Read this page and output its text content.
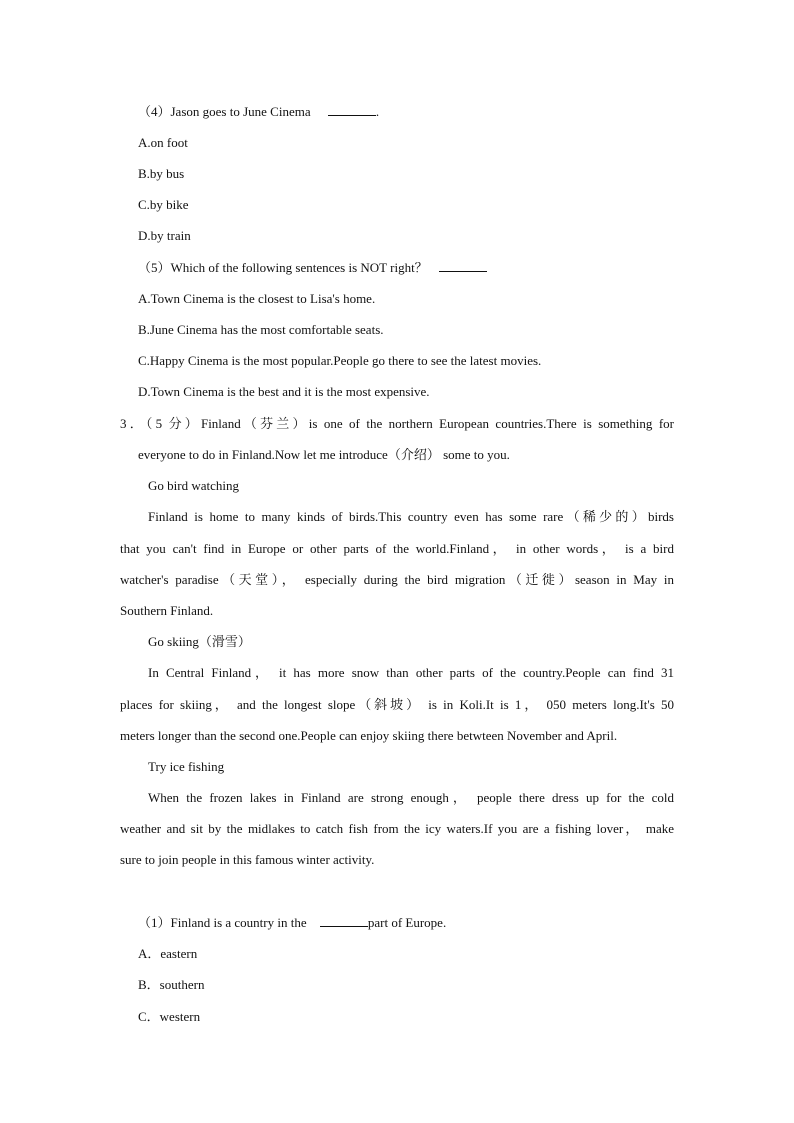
（4）Jason goes to June Cinema	.
A.on foot
B.by bus
C.by bike
D.by train
（5）Which of the following sentences is NOT right？
A.Town Cinema is the closest to Lisa's home.
B.June Cinema has the most comfortable seats.
C.Happy Cinema is the most popular.People go there to see the latest movies.
D.Town Cinema is the best and it is the most expensive.
3．（5 分）Finland（芬兰）is one of the northern European countries.There is something for
everyone to do in Finland.Now let me introduce（介绍） some to you.
Go bird watching
Finland is home to many kinds of birds.This country even has some rare（稀少的）birds
that you can't find in Europe or other parts of the world.Finland， in other words， is a bird
watcher's paradise（天堂）， especially during the bird migration（迁徙）season in May in
Southern Finland.
Go skiing（滑雪）
In Central Finland， it has more snow than other parts of the country.People can find 31
places for skiing， and the longest slope（斜坡） is in Koli.It is 1， 050 meters long.It's 50
meters longer than the second one.People can enjoy skiing there betwteen November and April.
Try ice fishing
When the frozen lakes in Finland are strong enough， people there dress up for the cold
weather and sit by the midlakes to catch fish from the icy waters.If you are a fishing lover， make
sure to join people in this famous winter activity.
（1）Finland is a country in the	part of Europe.
A．eastern
B．southern
C．western
